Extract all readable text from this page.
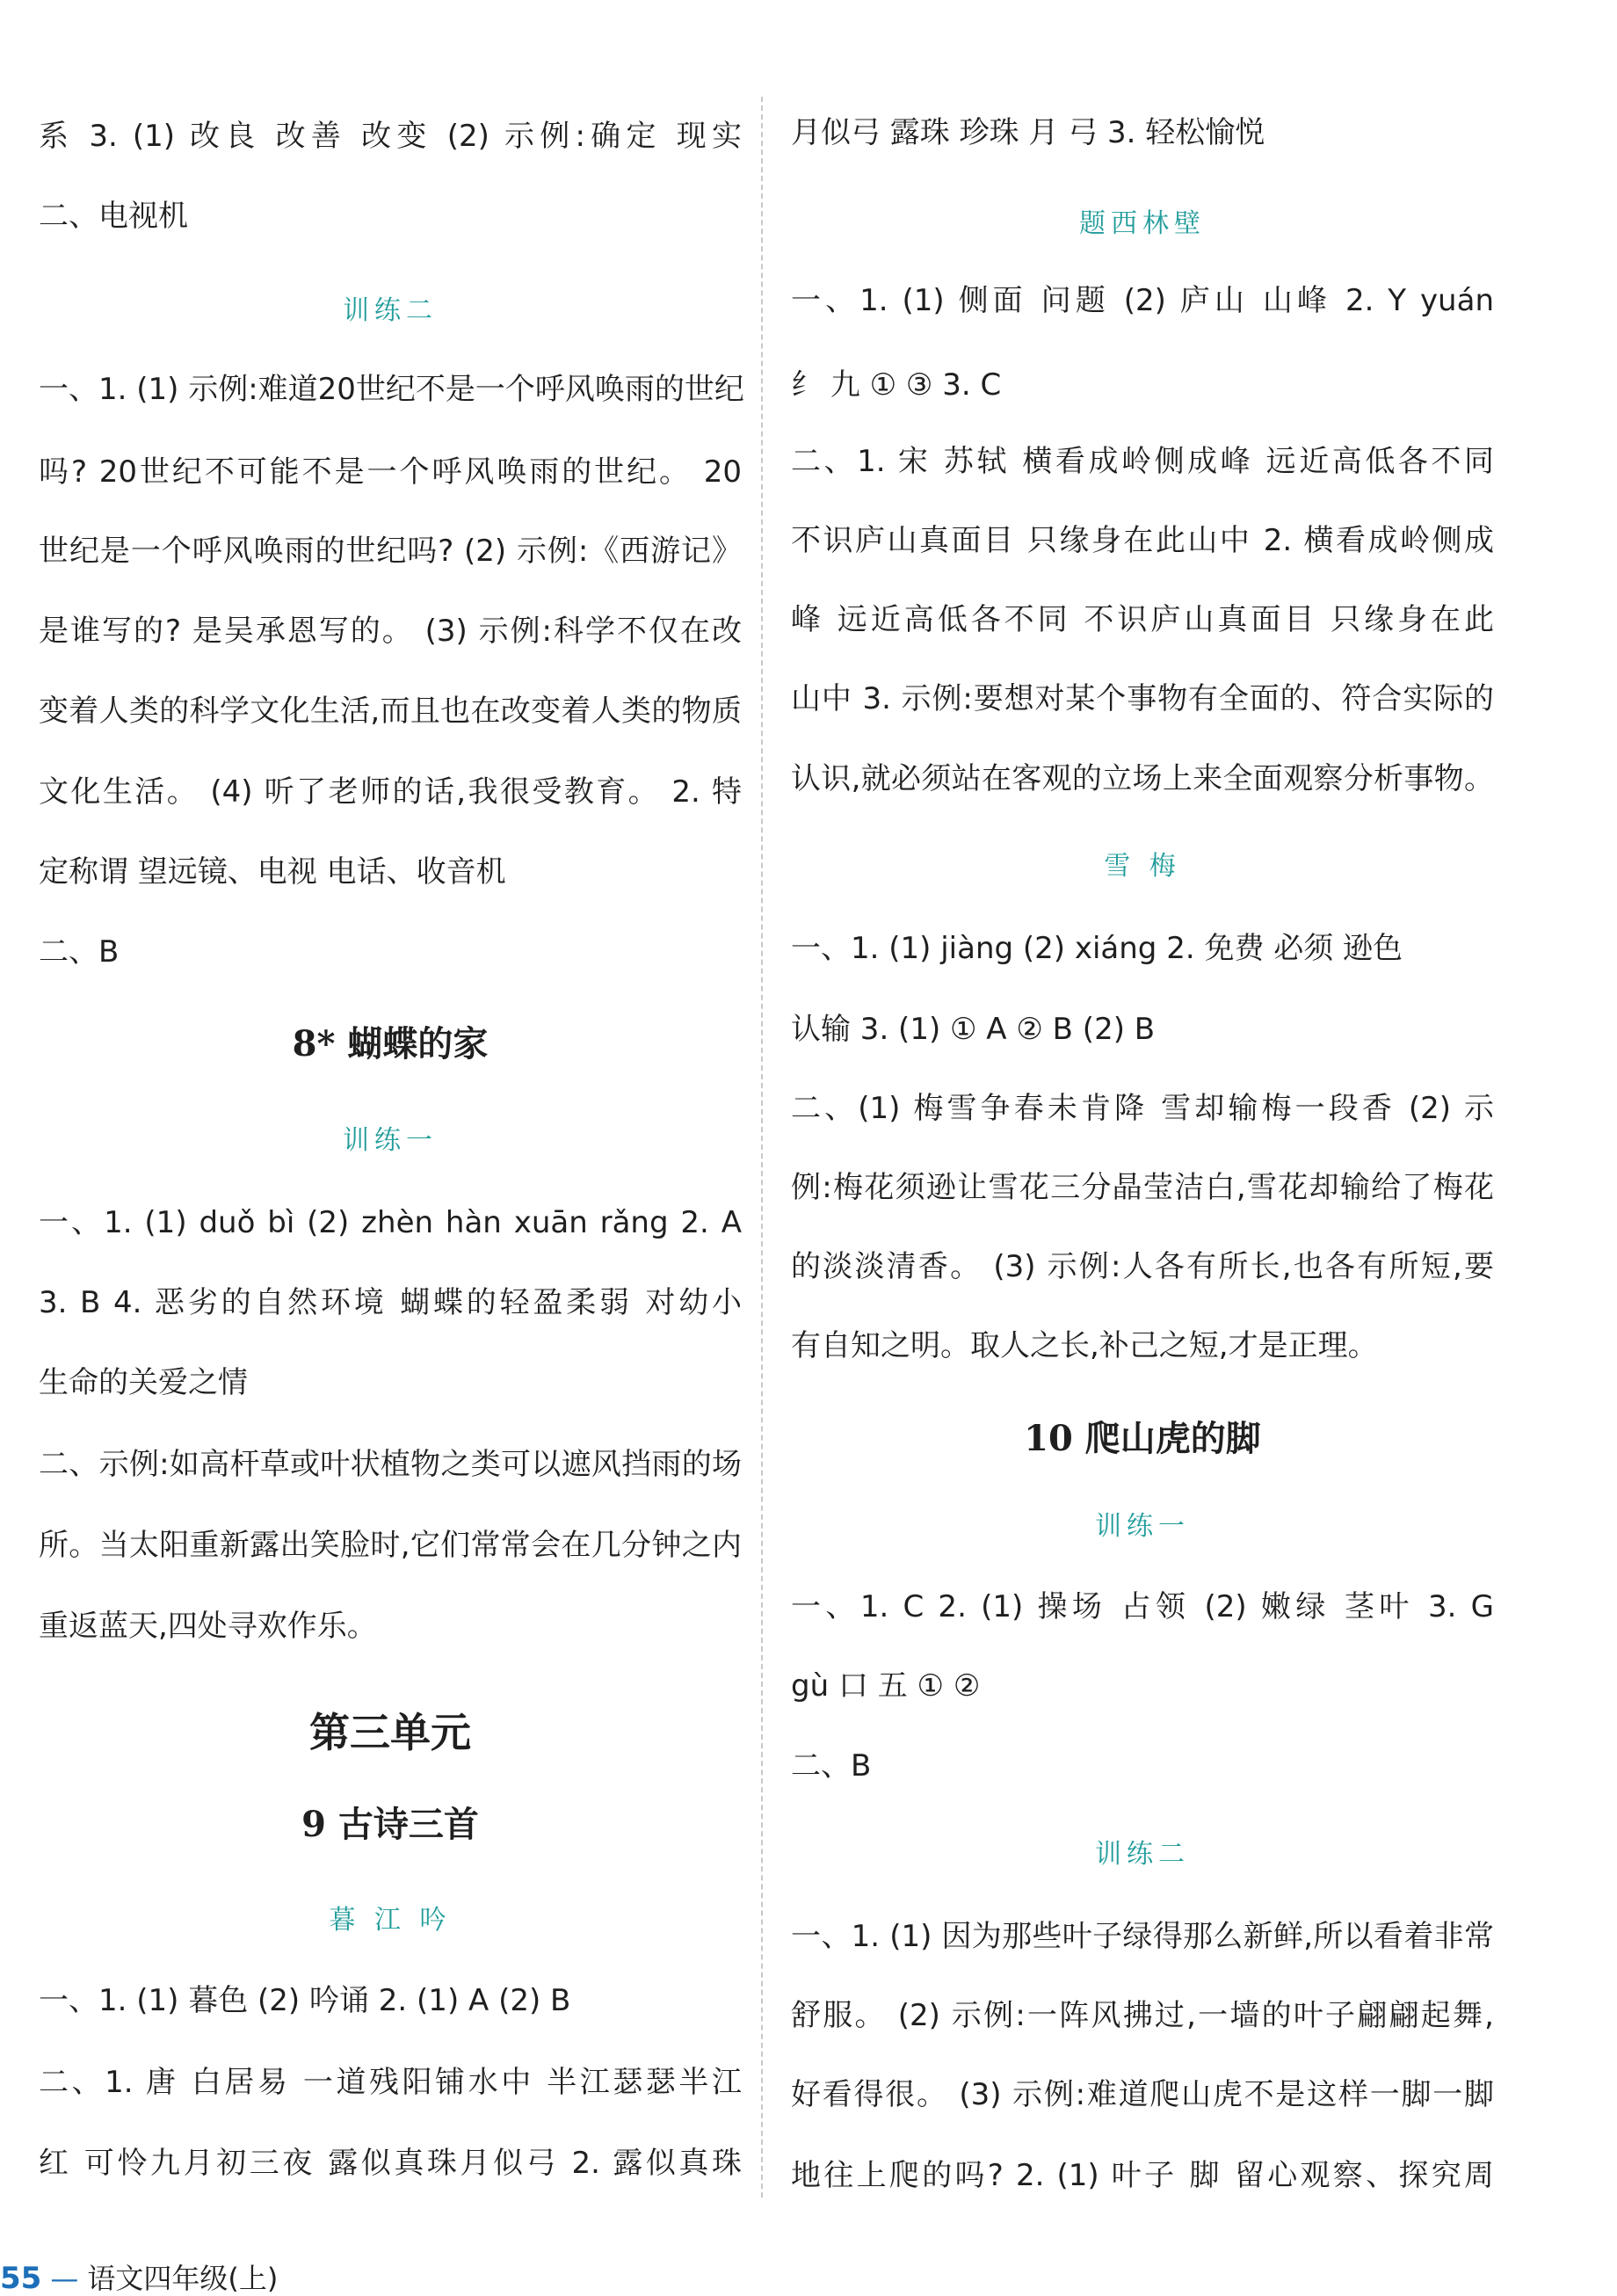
系 3. (1) 改良 改善 改变 (2) 示例:确定 现实
二、电视机
训练二
一、1. (1) 示例:难道20世纪不是一个呼风唤雨的世纪
吗? 20世纪不可能不是一个呼风唤雨的世纪。 20
世纪是一个呼风唤雨的世纪吗? (2) 示例:《西游记》
是谁写的? 是吴承恩写的。 (3) 示例:科学不仅在改
变着人类的科学文化生活,而且也在改变着人类的物质
文化生活。 (4) 听了老师的话,我很受教育。 2. 特
定称谓 望远镜、电视 电话、收音机
二、B
8* 蝴蝶的家
训练一
一、1. (1) duǒ bì (2) zhèn hàn xuān rǎng 2. A
3. B 4. 恶劣的自然环境 蝴蝶的轻盈柔弱 对幼小
生命的关爱之情
二、示例:如高杆草或叶状植物之类可以遮风挡雨的场
所。当太阳重新露出笑脸时,它们常常会在几分钟之内
重返蓝天,四处寻欢作乐。
第三单元
9 古诗三首
暮 江 吟
一、1. (1) 暮色 (2) 吟诵 2. (1) A (2) B
二、1. 唐 白居易 一道残阳铺水中 半江瑟瑟半江
红 可怜九月初三夜 露似真珠月似弓 2. 露似真珠
月似弓 露珠 珍珠 月 弓 3. 轻松愉悦
题西林壁
一、1. (1) 侧面 问题 (2) 庐山 山峰 2. Y yuán
纟 九 ① ③ 3. C
二、1. 宋 苏轼 横看成岭侧成峰 远近高低各不同
不识庐山真面目 只缘身在此山中 2. 横看成岭侧成
峰 远近高低各不同 不识庐山真面目 只缘身在此
山中 3. 示例:要想对某个事物有全面的、符合实际的
认识,就必须站在客观的立场上来全面观察分析事物。
雪 梅
一、1. (1) jiàng (2) xiáng 2. 免费 必须 逊色
认输 3. (1) ① A ② B (2) B
二、(1) 梅雪争春未肯降 雪却输梅一段香 (2) 示
例:梅花须逊让雪花三分晶莹洁白,雪花却输给了梅花
的淡淡清香。 (3) 示例:人各有所长,也各有所短,要
有自知之明。取人之长,补己之短,才是正理。
10 爬山虎的脚
训练一
一、1. C 2. (1) 操场 占领 (2) 嫩绿 茎叶 3. G
gù 口 五 ① ②
二、B
训练二
一、1. (1) 因为那些叶子绿得那么新鲜,所以看着非常
舒服。 (2) 示例:一阵风拂过,一墙的叶子翩翩起舞,
好看得很。 (3) 示例:难道爬山虎不是这样一脚一脚
地往上爬的吗? 2. (1) 叶子 脚 留心观察、探究周
55 — 语文四年级(上)
